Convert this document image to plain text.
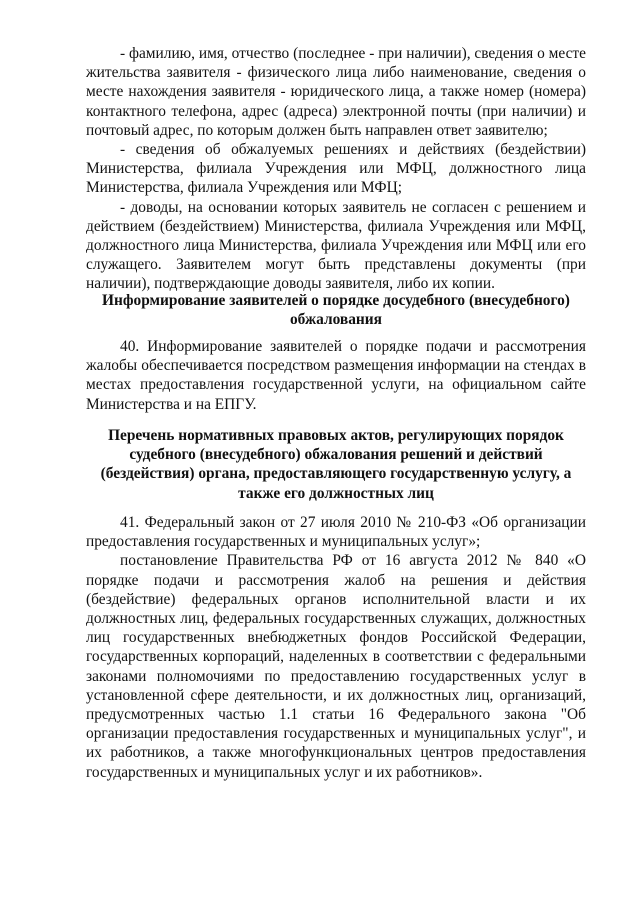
- фамилию, имя, отчество (последнее - при наличии), сведения о месте жительства заявителя - физического лица либо наименование, сведения о месте нахождения заявителя - юридического лица, а также номер (номера) контактного телефона, адрес (адреса) электронной почты (при наличии) и почтовый адрес, по которым должен быть направлен ответ заявителю;

- сведения об обжалуемых решениях и действиях (бездействии) Министерства, филиала Учреждения или МФЦ, должностного лица Министерства, филиала Учреждения или МФЦ;

- доводы, на основании которых заявитель не согласен с решением и действием (бездействием) Министерства, филиала Учреждения или МФЦ, должностного лица Министерства, филиала Учреждения или МФЦ или его служащего. Заявителем могут быть представлены документы (при наличии), подтверждающие доводы заявителя, либо их копии.

Информирование заявителей о порядке досудебного (внесудебного) обжалования

40. Информирование заявителей о порядке подачи и рассмотрения жалобы обеспечивается посредством размещения информации на стендах в местах предоставления государственной услуги, на официальном сайте Министерства и на ЕПГУ.

Перечень нормативных правовых актов, регулирующих порядок судебного (внесудебного) обжалования решений и действий (бездействия) органа, предоставляющего государственную услугу, а также его должностных лиц

41. Федеральный закон от 27 июля 2010 № 210-ФЗ «Об организации предоставления государственных и муниципальных услуг»;

постановление Правительства РФ от 16 августа 2012 № 840 «О порядке подачи и рассмотрения жалоб на решения и действия (бездействие) федеральных органов исполнительной власти и их должностных лиц, федеральных государственных служащих, должностных лиц государственных внебюджетных фондов Российской Федерации, государственных корпораций, наделенных в соответствии с федеральными законами полномочиями по предоставлению государственных услуг в установленной сфере деятельности, и их должностных лиц, организаций, предусмотренных частью 1.1 статьи 16 Федерального закона "Об организации предоставления государственных и муниципальных услуг", и их работников, а также многофункциональных центров предоставления государственных и муниципальных услуг и их работников».
